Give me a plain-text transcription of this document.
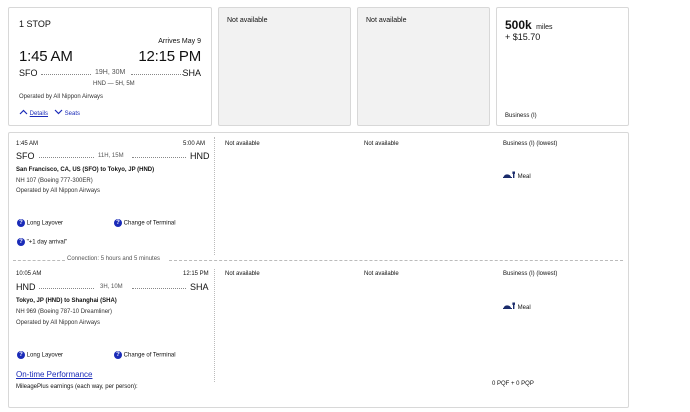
1 STOP
Arrives May 9
1:45 AM	12:15 PM
SFO	19H, 30M	SHA
HND — 5H, 5M
Operated by All Nippon Airways
Details	Seats
Not available	Not available	500k miles
+ $15.70
Business (I)
1:45 AM	5:00 AM
SFO	11H, 15M	HND
San Francisco, CA, US (SFO) to Tokyo, JP (HND)
NH 107 (Boeing 777-300ER)
Operated by All Nippon Airways
Not available	Not available	Business (I) (lowest)
Meal
? Long Layover	? Change of Terminal
? "+1 day arrival"
Connection: 5 hours and 5 minutes
10:05 AM	12:15 PM
HND	3H, 10M	SHA
Tokyo, JP (HND) to Shanghai (SHA)
NH 969 (Boeing 787-10 Dreamliner)
Operated by All Nippon Airways
Not available	Not available	Business (I) (lowest)
Meal
? Long Layover	? Change of Terminal
On-time Performance
MileagePlus earnings (each way, per person):	0 PQF + 0 PQP
